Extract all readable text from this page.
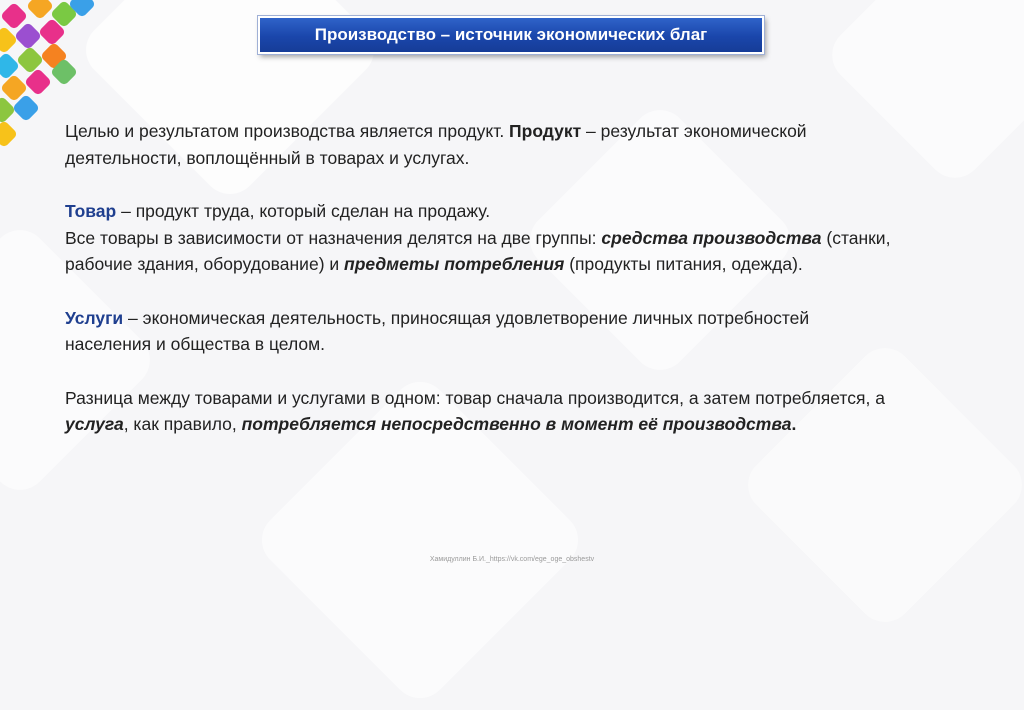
Производство – источник экономических благ

Целью и результатом производства является продукт. Продукт – результат экономической деятельности, воплощённый в товарах и услугах.

Товар – продукт труда, который сделан на продажу.
Все товары в зависимости от назначения делятся на две группы: средства производства (станки, рабочие здания, оборудование) и предметы потребления (продукты питания, одежда).

Услуги – экономическая деятельность, приносящая удовлетворение личных потребностей населения и общества в целом.

Разница между товарами и услугами в одном: товар сначала производится, а затем потребляется, а услуга, как правило, потребляется непосредственно в момент её производства.

Хамидуллин Б.И._https://vk.com/ege_oge_obshestv
